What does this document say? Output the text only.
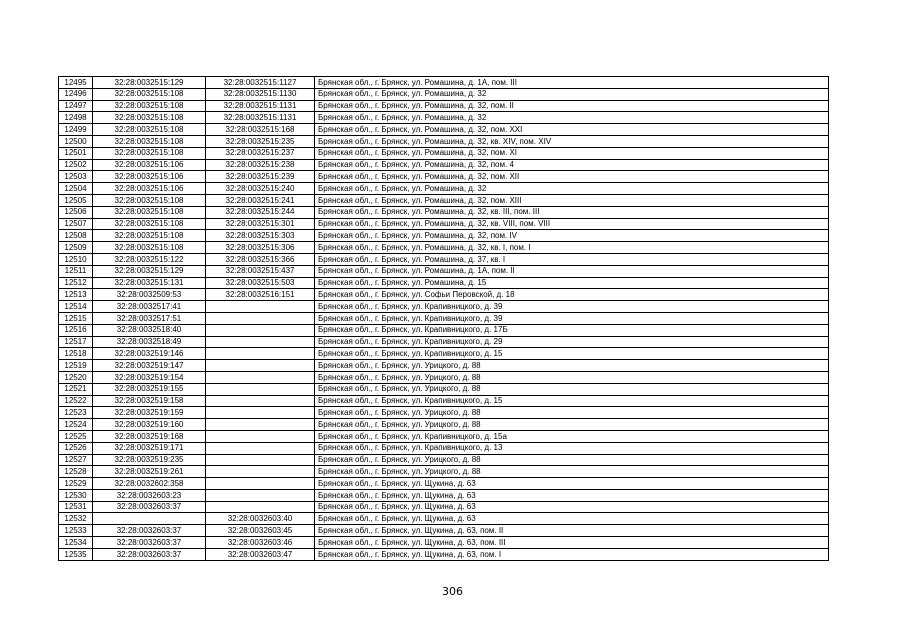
12495	32:28:0032515:129	32:28:0032515:1127	Брянская обл., г. Брянск, ул. Ромашина, д. 1А, пом. III
12496	32:28:0032515:108	32:28:0032515:1130	Брянская обл., г. Брянск, ул. Ромашина, д. 32
12497	32:28:0032515:108	32:28:0032515:1131	Брянская обл., г. Брянск, ул. Ромашина, д. 32, пом. II
12498	32:28:0032515:108	32:28:0032515:1131	Брянская обл., г. Брянск, ул. Ромашина, д. 32
12499	32:28:0032515:108	32:28:0032515:168	Брянская обл., г. Брянск, ул. Ромашина, д. 32, пом. XXI
12500	32:28:0032515:108	32:28:0032515:235	Брянская обл., г. Брянск, ул. Ромашина, д. 32, кв. XIV, пом. XIV
12501	32:28:0032515:108	32:28:0032515:237	Брянская обл., г. Брянск, ул. Ромашина, д. 32, пом. XI
12502	32:28:0032515:106	32:28:0032515:238	Брянская обл., г. Брянск, ул. Ромашина, д. 32, пом. 4
12503	32:28:0032515:106	32:28:0032515:239	Брянская обл., г. Брянск, ул. Ромашина, д. 32, пом. XII
12504	32:28:0032515:106	32:28:0032515:240	Брянская обл., г. Брянск, ул. Ромашина, д. 32
12505	32:28:0032515:108	32:28:0032515:241	Брянская обл., г. Брянск, ул. Ромашина, д. 32, пом. XIII
12506	32:28:0032515:108	32:28:0032515:244	Брянская обл., г. Брянск, ул. Ромашина, д. 32, кв. III, пом. III
12507	32:28:0032515:108	32:28:0032515:301	Брянская обл., г. Брянск, ул. Ромашина, д. 32, кв. VIII, пом. VIII
12508	32:28:0032515:108	32:28:0032515:303	Брянская обл., г. Брянск, ул. Ромашина, д. 32, пом. IV
12509	32:28:0032515:108	32:28:0032515:306	Брянская обл., г. Брянск, ул. Ромашина, д. 32, кв. I, пом. I
12510	32:28:0032515:122	32:28:0032515:366	Брянская обл., г. Брянск, ул. Ромашина, д. 37, кв. I
12511	32:28:0032515:129	32:28:0032515:437	Брянская обл., г. Брянск, ул. Ромашина, д. 1А, пом. II
12512	32:28:0032515:131	32:28:0032515:503	Брянская обл., г. Брянск, ул. Ромашина, д. 15
12513	32:28:0032509:53	32:28:0032516:151	Брянская обл., г. Брянск, ул. Софьи Перовской, д. 18
12514	32:28:0032517:41		Брянская обл., г. Брянск, ул. Крапивницкого, д. 39
12515	32:28:0032517:51		Брянская обл., г. Брянск, ул. Крапивницкого, д. 39
12516	32:28:0032518:40		Брянская обл., г. Брянск, ул. Крапивницкого, д. 17Б
12517	32:28:0032518:49		Брянская обл., г. Брянск, ул. Крапивницкого, д. 29
12518	32:28:0032519:146		Брянская обл., г. Брянск, ул. Крапивницкого, д. 15
12519	32:28:0032519:147		Брянская обл., г. Брянск, ул. Урицкого, д. 88
12520	32:28:0032519:154		Брянская обл., г. Брянск, ул. Урицкого, д. 88
12521	32:28:0032519:155		Брянская обл., г. Брянск, ул. Урицкого, д. 88
12522	32:28:0032519:158		Брянская обл., г. Брянск, ул. Крапивницкого, д. 15
12523	32:28:0032519:159		Брянская обл., г. Брянск, ул. Урицкого, д. 88
12524	32:28:0032519:160		Брянская обл., г. Брянск, ул. Урицкого, д. 88
12525	32:28:0032519:168		Брянская обл., г. Брянск, ул. Крапивницкого, д. 15а
12526	32:28:0032519:171		Брянская обл., г. Брянск, ул. Крапивницкого, д. 13
12527	32:28:0032519:235		Брянская обл., г. Брянск, ул. Урицкого, д. 88
12528	32:28:0032519:261		Брянская обл., г. Брянск, ул. Урицкого, д. 88
12529	32:28:0032602:358		Брянская обл., г. Брянск, ул. Щукина, д. 63
12530	32:28:0032603:23		Брянская обл., г. Брянск, ул. Щукина, д. 63
12531	32:28:0032603:37		Брянская обл., г. Брянск, ул. Щукина, д. 63
12532		32:28:0032603:40	Брянская обл., г. Брянск, ул. Щукина, д. 63
12533	32:28:0032603:37	32:28:0032603:45	Брянская обл., г. Брянск, ул. Щукина, д. 63, пом. II
12534	32:28:0032603:37	32:28:0032603:46	Брянская обл., г. Брянск, ул. Щукина, д. 63, пом. III
12535	32:28:0032603:37	32:28:0032603:47	Брянская обл., г. Брянск, ул. Щукина, д. 63, пом. I
306
